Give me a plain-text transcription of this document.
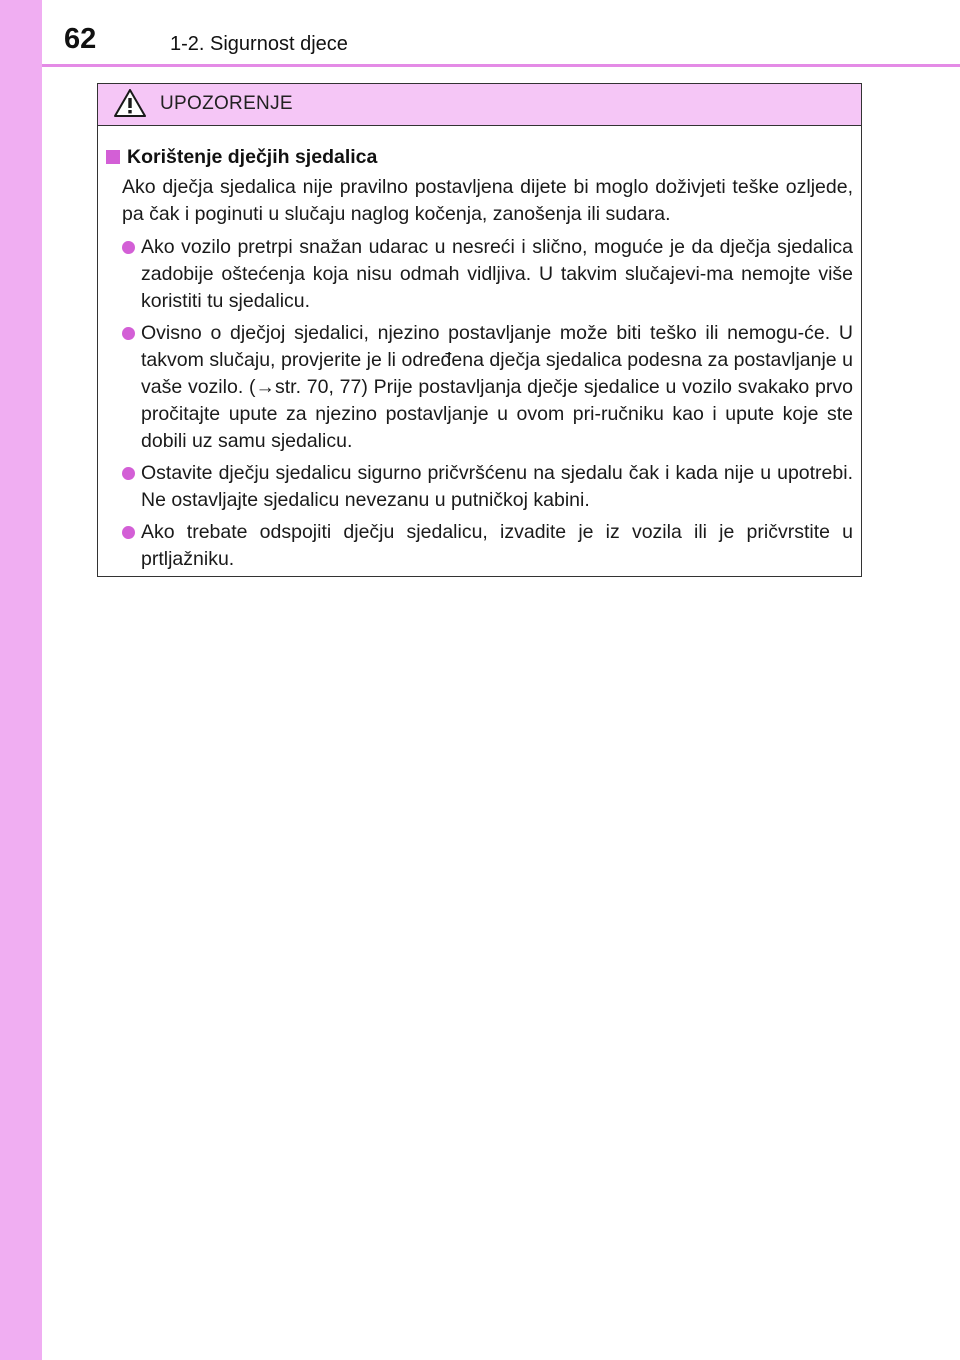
62	1-2. Sigurnost djece
UPOZORENJE
Korištenje dječjih sjedalica

Ako dječja sjedalica nije pravilno postavljena dijete bi moglo doživjeti teške ozljede, pa čak i poginuti u slučaju naglog kočenja, zanošenja ili sudara.

Ako vozilo pretrpi snažan udarac u nesreći i slično, moguće je da dječja sjedalica zadobije oštećenja koja nisu odmah vidljiva. U takvim slučajevi-ma nemojte više koristiti tu sjedalicu.
Ovisno o dječjoj sjedalici, njezino postavljanje može biti teško ili nemogu-će. U takvom slučaju, provjerite je li određena dječja sjedalica podesna za postavljanje u vaše vozilo. (→str. 70, 77) Prije postavljanja dječje sjedalice u vozilo svakako prvo pročitajte upute za njezino postavljanje u ovom pri-ručniku kao i upute koje ste dobili uz samu sjedalicu.
Ostavite dječju sjedalicu sigurno pričvršćenu na sjedalu čak i kada nije u upotrebi. Ne ostavljajte sjedalicu nevezanu u putničkoj kabini.
Ako trebate odspojiti dječju sjedalicu, izvadite je iz vozila ili je pričvrstite u prtljažniku.
